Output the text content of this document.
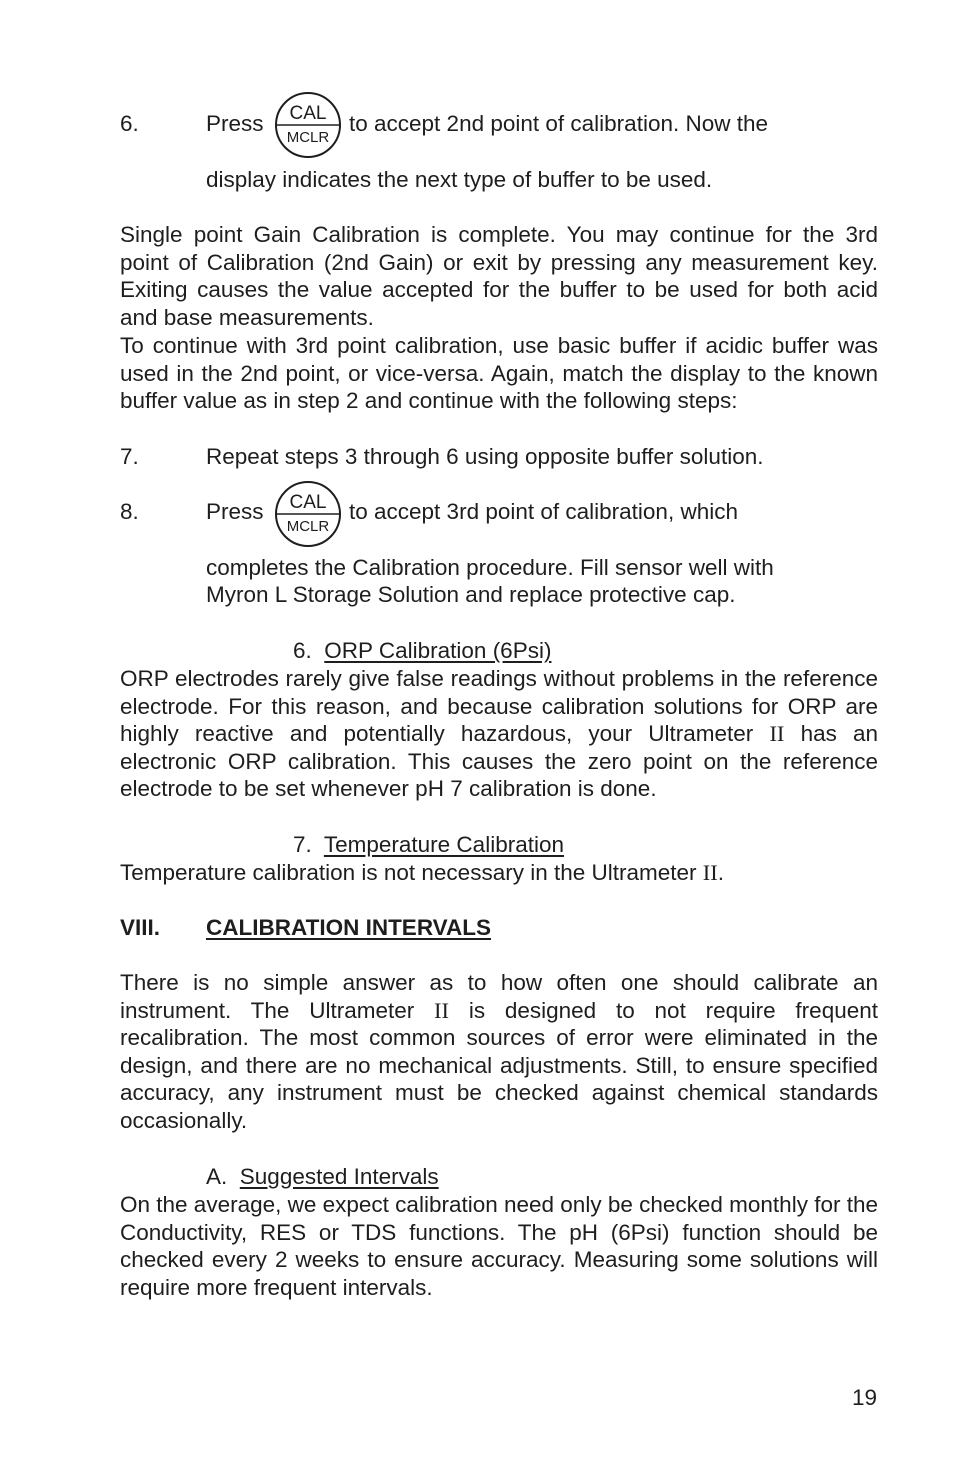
6.	Press CAL
MCLR
to accept 2nd point of calibration. Now the
display indicates the next type of buffer to be used.
Single point Gain Calibration is complete. You may continue for the 3rd point of Calibration (2nd Gain) or exit by pressing any measurement key. Exiting causes the value accepted for the buffer to be used for both acid and base measurements.
To continue with 3rd point calibration, use basic buffer if acidic buffer was used in the 2nd point, or vice-versa. Again, match the display to the known buffer value as in step 2 and continue with the following steps:
7.	Repeat steps 3 through 6 using opposite buffer solution.
8.	Press CAL
MCLR
to accept 3rd point of calibration, which
completes the Calibration procedure. Fill sensor well with
Myron L Storage Solution and replace protective cap.
6. ORP Calibration (6Psi)
ORP electrodes rarely give false readings without problems in the reference electrode. For this reason, and because calibration solutions for ORP are highly reactive and potentially hazardous, your Ultrameter II has an electronic ORP calibration. This causes the zero point on the reference electrode to be set whenever pH 7 calibration is done.
7. Temperature Calibration
Temperature calibration is not necessary in the Ultrameter II.
VIII. CALIBRATION INTERVALS
There is no simple answer as to how often one should calibrate an instrument. The Ultrameter II is designed to not require frequent recalibration. The most common sources of error were eliminated in the design, and there are no mechanical adjustments. Still, to ensure specified accuracy, any instrument must be checked against chemical standards occasionally.
A. Suggested Intervals
On the average, we expect calibration need only be checked monthly for the Conductivity, RES or TDS functions. The pH (6Psi) function should be checked every 2 weeks to ensure accuracy. Measuring some solutions will require more frequent intervals.
19
